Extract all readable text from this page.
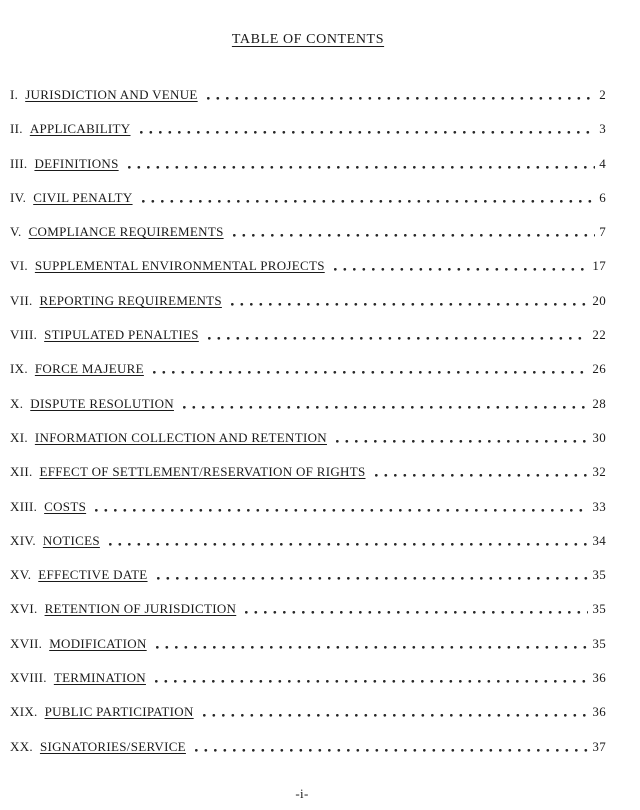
TABLE OF CONTENTS
I. JURISDICTION AND VENUE	2
II. APPLICABILITY	3
III. DEFINITIONS	4
IV. CIVIL PENALTY	6
V. COMPLIANCE REQUIREMENTS	7
VI. SUPPLEMENTAL ENVIRONMENTAL PROJECTS	17
VII. REPORTING REQUIREMENTS	20
VIII. STIPULATED PENALTIES	22
IX. FORCE MAJEURE	26
X. DISPUTE RESOLUTION	28
XI. INFORMATION COLLECTION AND RETENTION	30
XII. EFFECT OF SETTLEMENT/RESERVATION OF RIGHTS	32
XIII. COSTS	33
XIV. NOTICES	34
XV. EFFECTIVE DATE	35
XVI. RETENTION OF JURISDICTION	35
XVII. MODIFICATION	35
XVIII. TERMINATION	36
XIX. PUBLIC PARTICIPATION	36
XX. SIGNATORIES/SERVICE	37
-i-
